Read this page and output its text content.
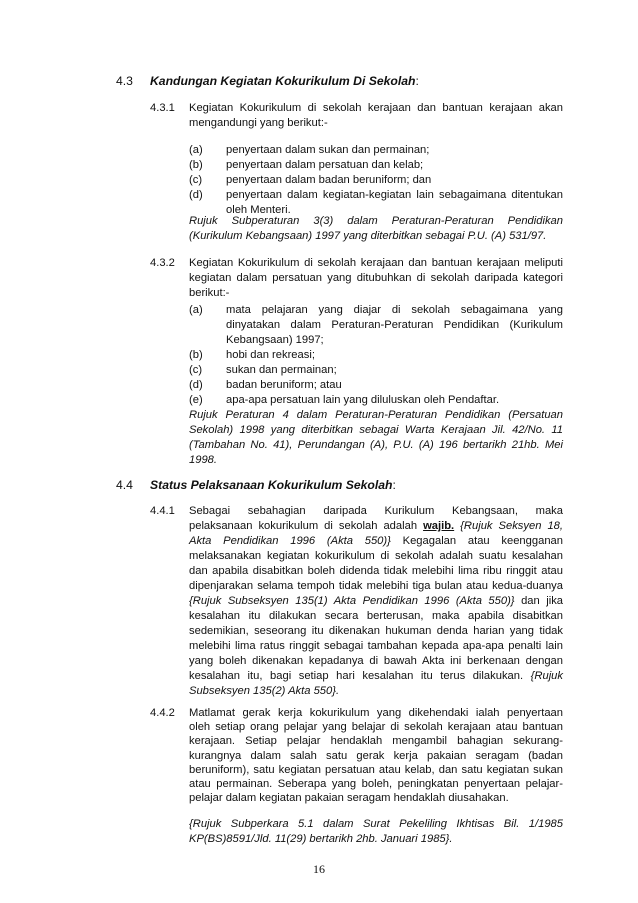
4.3 Kandungan Kegiatan Kokurikulum Di Sekolah:
4.3.1 Kegiatan Kokurikulum di sekolah kerajaan dan bantuan kerajaan akan
mengandungi yang berikut:-
(a) penyertaan dalam sukan dan permainan;
(b) penyertaan dalam persatuan dan kelab;
(c) penyertaan dalam badan beruniform; dan
(d) penyertaan dalam kegiatan-kegiatan lain sebagaimana ditentukan
oleh Menteri.
Rujuk Subperaturan 3(3) dalam Peraturan-Peraturan Pendidikan
(Kurikulum Kebangsaan) 1997 yang diterbitkan sebagai P.U. (A) 531/97.
4.3.2 Kegiatan Kokurikulum di sekolah kerajaan dan bantuan kerajaan meliputi
kegiatan dalam persatuan yang ditubuhkan di sekolah daripada kategori
berikut:-
(a) mata pelajaran yang diajar di sekolah sebagaimana yang
dinyatakan dalam Peraturan-Peraturan Pendidikan (Kurikulum
Kebangsaan) 1997;
(b) hobi dan rekreasi;
(c) sukan dan permainan;
(d) badan beruniform; atau
(e) apa-apa persatuan lain yang diluluskan oleh Pendaftar.
Rujuk Peraturan 4 dalam Peraturan-Peraturan Pendidikan (Persatuan
Sekolah) 1998 yang diterbitkan sebagai Warta Kerajaan Jil. 42/No. 11
(Tambahan No. 41), Perundangan (A), P.U. (A) 196 bertarikh 21hb. Mei
1998.
4.4 Status Pelaksanaan Kokurikulum Sekolah:
4.4.1 Sebagai sebahagian daripada Kurikulum Kebangsaan, maka
pelaksanaan kokurikulum di sekolah adalah wajib. {Rujuk Seksyen 18,
Akta Pendidikan 1996 (Akta 550)} Kegagalan atau keengganan
melaksanakan kegiatan kokurikulum di sekolah adalah suatu kesalahan
dan apabila disabitkan boleh didenda tidak melebihi lima ribu ringgit atau
dipenjarakan selama tempoh tidak melebihi tiga bulan atau kedua-duanya
{Rujuk Subseksyen 135(1) Akta Pendidikan 1996 (Akta 550)} dan jika
kesalahan itu dilakukan secara berterusan, maka apabila disabitkan
sedemikian, seseorang itu dikenakan hukuman denda harian yang tidak
melebihi lima ratus ringgit sebagai tambahan kepada apa-apa penalti lain
yang boleh dikenakan kepadanya di bawah Akta ini berkenaan dengan
kesalahan itu, bagi setiap hari kesalahan itu terus dilakukan. {Rujuk
Subseksyen 135(2) Akta 550}.
4.4.2 Matlamat gerak kerja kokurikulum yang dikehendaki ialah penyertaan
oleh setiap orang pelajar yang belajar di sekolah kerajaan atau bantuan
kerajaan. Setiap pelajar hendaklah mengambil bahagian sekurang-
kurangnya dalam salah satu gerak kerja pakaian seragam (badan
beruniform), satu kegiatan persatuan atau kelab, dan satu kegiatan sukan
atau permainan. Seberapa yang boleh, peningkatan penyertaan pelajar-
pelajar dalam kegiatan pakaian seragam hendaklah diusahakan.
16
{Rujuk Subperkara 5.1 dalam Surat Pekeliling Ikhtisas Bil. 1/1985
KP(BS)8591/Jld. 11(29) bertarikh 2hb. Januari 1985}.
